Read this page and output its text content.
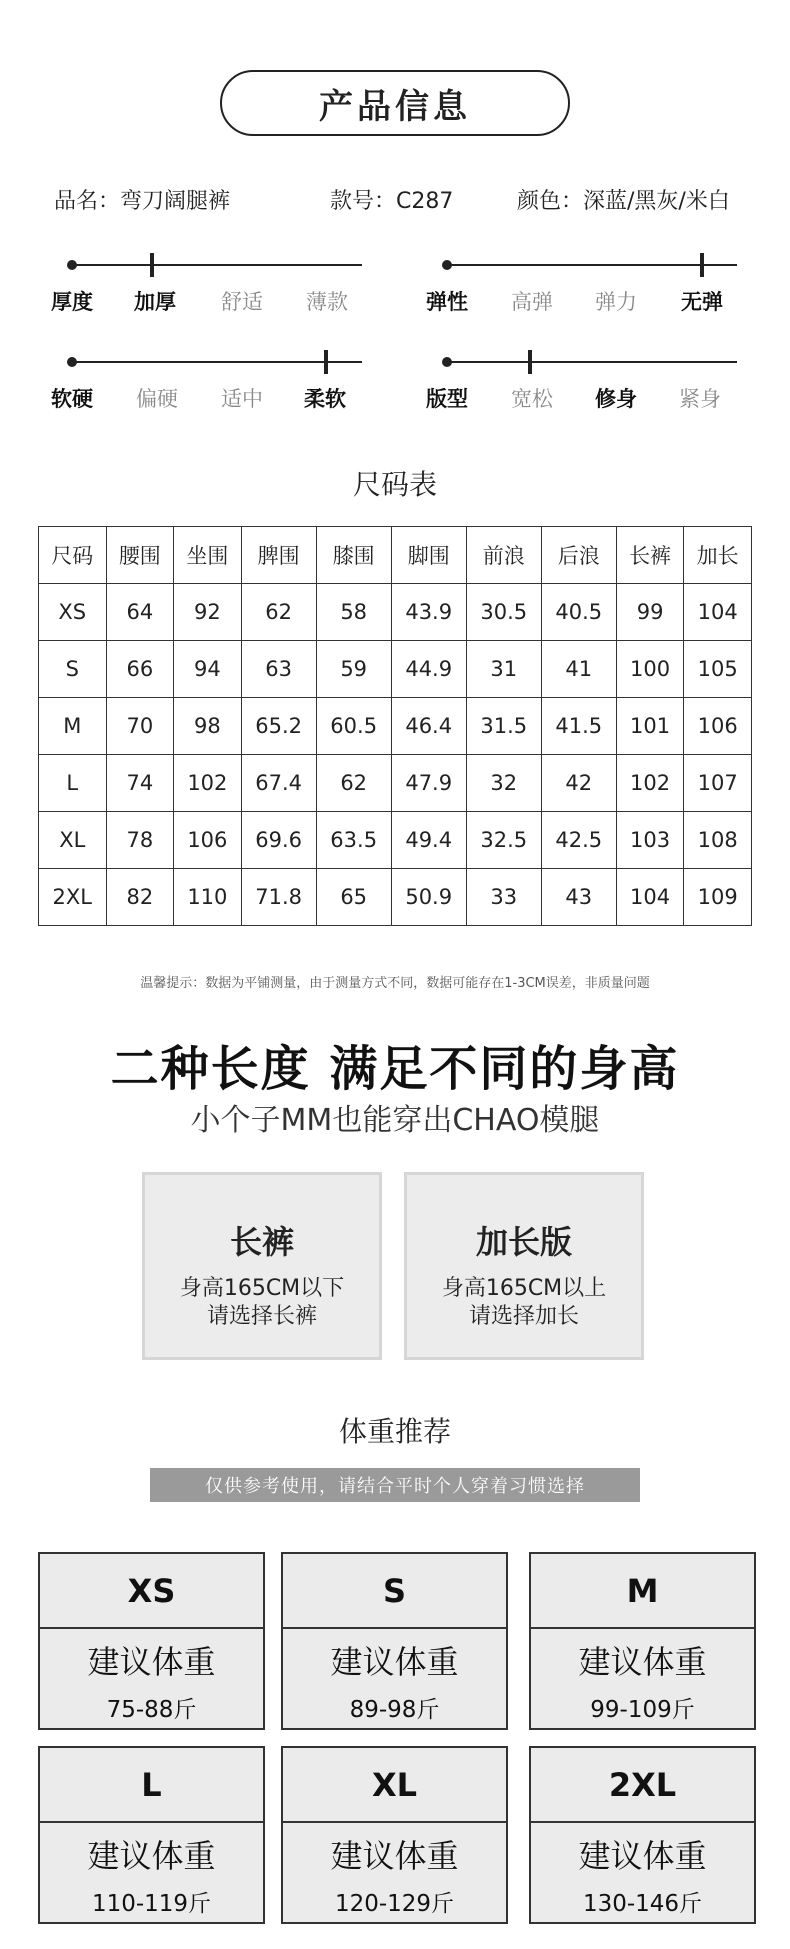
产品信息
品名：弯刀阔腿裤	款号：C287	颜色：深蓝/黑灰/米白
厚度	加厚	舒适	薄款
软硬	偏硬	适中	柔软
弹性	高弹	弹力	无弹
版型	宽松	修身	紧身
尺码表
尺码	腰围	坐围	脾围	膝围	脚围	前浪	后浪	长裤	加长
XS	64	92	62	58	43.9	30.5	40.5	99	104
S	66	94	63	59	44.9	31	41	100	105
M	70	98	65.2	60.5	46.4	31.5	41.5	101	106
L	74	102	67.4	62	47.9	32	42	102	107
XL	78	106	69.6	63.5	49.4	32.5	42.5	103	108
2XL	82	110	71.8	65	50.9	33	43	104	109
温馨提示：数据为平铺测量，由于测量方式不同，数据可能存在1-3CM误差，非质量问题
二种长度 满足不同的身高
小个子MM也能穿出CHAO模腿
长裤
身高165CM以下
请选择长裤
加长版
身高165CM以上
请选择加长
体重推荐
仅供参考使用，请结合平时个人穿着习惯选择
XS
建议体重
75-88斤
S
建议体重
89-98斤
M
建议体重
99-109斤
L
建议体重
110-119斤
XL
建议体重
120-129斤
2XL
建议体重
130-146斤
